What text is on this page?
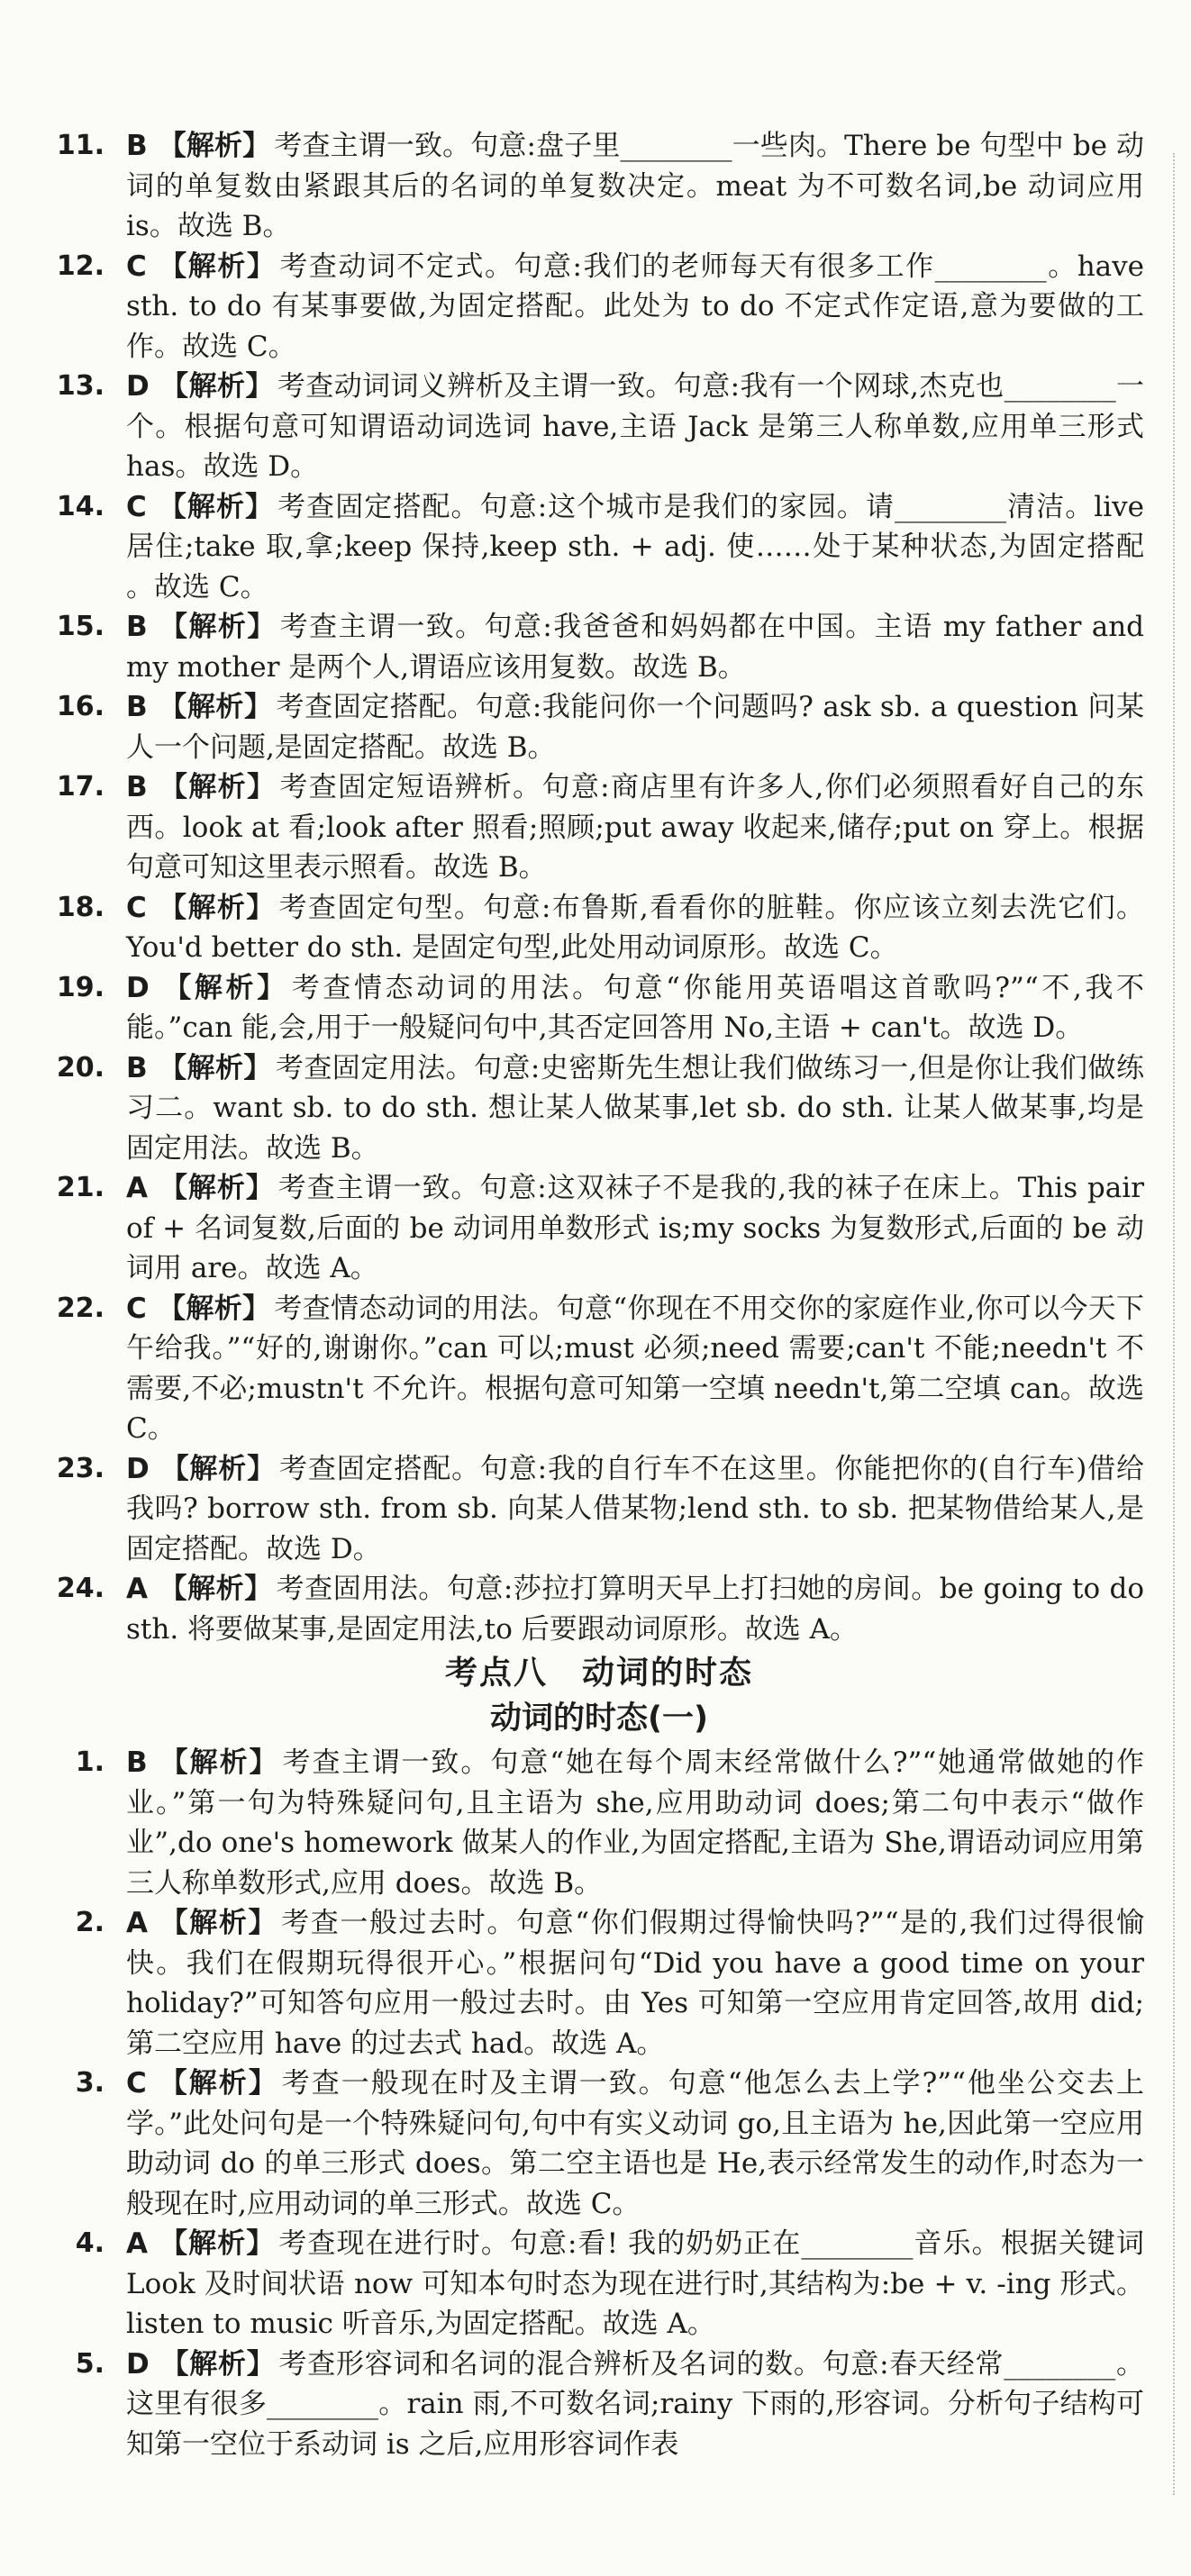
11. B 【解析】 考查主谓一致。句意:盘子里________一些肉。There be 句型中 be 动词的单复数由紧跟其后的名词的单复数决定。meat 为不可数名词,be 动词应用 is。故选 B。
12. C 【解析】 考查动词不定式。句意:我们的老师每天有很多工作________。have sth. to do 有某事要做,为固定搭配。此处为 to do 不定式作定语,意为要做的工作。故选 C。
13. D 【解析】 考查动词词义辨析及主谓一致。句意:我有一个网球,杰克也________一个。根据句意可知谓语动词选词 have,主语 Jack 是第三人称单数,应用单三形式 has。故选 D。
14. C 【解析】 考查固定搭配。句意:这个城市是我们的家园。请________清洁。live 居住;take 取,拿;keep 保持,keep sth. + adj. 使……处于某种状态,为固定搭配 。故选 C。
15. B 【解析】 考查主谓一致。句意:我爸爸和妈妈都在中国。主语 my father and my mother 是两个人,谓语应该用复数。故选 B。
16. B 【解析】 考查固定搭配。句意:我能问你一个问题吗? ask sb. a question 问某人一个问题,是固定搭配。故选 B。
17. B 【解析】 考查固定短语辨析。句意:商店里有许多人,你们必须照看好自己的东西。look at 看;look after 照看;照顾;put away 收起来,储存;put on 穿上。根据句意可知这里表示照看。故选 B。
18. C 【解析】 考查固定句型。句意:布鲁斯,看看你的脏鞋。你应该立刻去洗它们。You'd better do sth. 是固定句型,此处用动词原形。故选 C。
19. D 【解析】 考查情态动词的用法。句意“你能用英语唱这首歌吗?”“不,我不能。”can 能,会,用于一般疑问句中,其否定回答用 No,主语 + can't。故选 D。
20. B 【解析】 考查固定用法。句意:史密斯先生想让我们做练习一,但是你让我们做练习二。want sb. to do sth. 想让某人做某事,let sb. do sth. 让某人做某事,均是固定用法。故选 B。
21. A 【解析】 考查主谓一致。句意:这双袜子不是我的,我的袜子在床上。This pair of + 名词复数,后面的 be 动词用单数形式 is;my socks 为复数形式,后面的 be 动词用 are。故选 A。
22. C 【解析】 考查情态动词的用法。句意“你现在不用交你的家庭作业,你可以今天下午给我。”“好的,谢谢你。”can 可以;must 必须;need 需要;can't 不能;needn't 不需要,不必;mustn't 不允许。根据句意可知第一空填 needn't,第二空填 can。故选 C。
23. D 【解析】 考查固定搭配。句意:我的自行车不在这里。你能把你的(自行车)借给我吗? borrow sth. from sb. 向某人借某物;lend sth. to sb. 把某物借给某人,是固定搭配。故选 D。
24. A 【解析】 考查固用法。句意:莎拉打算明天早上打扫她的房间。be going to do sth. 将要做某事,是固定用法,to 后要跟动词原形。故选 A。
考点八　动词的时态
动词的时态(一)
1. B 【解析】 考查主谓一致。句意“她在每个周末经常做什么?”“她通常做她的作业。”第一句为特殊疑问句,且主语为 she,应用助动词 does;第二句中表示“做作业”,do one's homework 做某人的作业,为固定搭配,主语为 She,谓语动词应用第三人称单数形式,应用 does。故选 B。
2. A 【解析】 考查一般过去时。句意“你们假期过得愉快吗?”“是的,我们过得很愉快。我们在假期玩得很开心。”根据问句“Did you have a good time on your holiday?”可知答句应用一般过去时。由 Yes 可知第一空应用肯定回答,故用 did;第二空应用 have 的过去式 had。故选 A。
3. C 【解析】 考查一般现在时及主谓一致。句意“他怎么去上学?”“他坐公交去上学。”此处问句是一个特殊疑问句,句中有实义动词 go,且主语为 he,因此第一空应用助动词 do 的单三形式 does。第二空主语也是 He,表示经常发生的动作,时态为一般现在时,应用动词的单三形式。故选 C。
4. A 【解析】 考查现在进行时。句意:看! 我的奶奶正在________音乐。根据关键词 Look 及时间状语 now 可知本句时态为现在进行时,其结构为:be + v. -ing 形式。listen to music 听音乐,为固定搭配。故选 A。
5. D 【解析】 考查形容词和名词的混合辨析及名词的数。句意:春天经常________。这里有很多________。rain 雨,不可数名词;rainy 下雨的,形容词。分析句子结构可知第一空位于系动词 is 之后,应用形容词作表
